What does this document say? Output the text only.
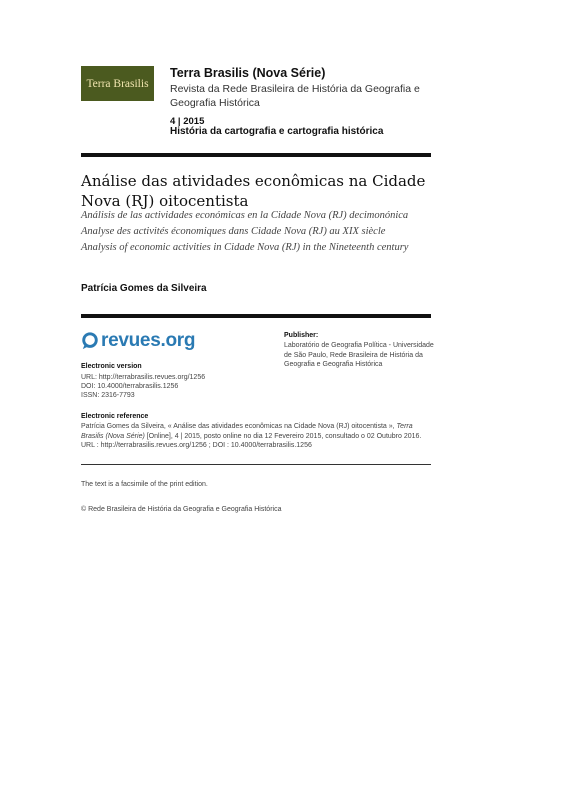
Terra Brasilis
Terra Brasilis (Nova Série)
Revista da Rede Brasileira de História da Geografia e Geografia Histórica
4 | 2015
História da cartografia e cartografia histórica
Análise das atividades econômicas na Cidade Nova (RJ) oitocentista
Análisis de las actividades económicas en la Cidade Nova (RJ) decimonónica
Analyse des activités économiques dans Cidade Nova (RJ) au XIX siècle
Analysis of economic activities in Cidade Nova (RJ) in the Nineteenth century
Patrícia Gomes da Silveira
revues.org
Electronic version
URL: http://terrabrasilis.revues.org/1256
DOI: 10.4000/terrabrasilis.1256
ISSN: 2316-7793
Publisher:
Laboratório de Geografia Política - Universidade de São Paulo, Rede Brasileira de História da Geografia e Geografia Histórica
Electronic reference
Patrícia Gomes da Silveira, « Análise das atividades econômicas na Cidade Nova (RJ) oitocentista », Terra Brasilis (Nova Série) [Online], 4 | 2015, posto online no dia 12 Fevereiro 2015, consultado o 02 Outubro 2016. URL : http://terrabrasilis.revues.org/1256 ; DOI : 10.4000/terrabrasilis.1256
The text is a facsimile of the print edition.
© Rede Brasileira de História da Geografia e Geografia Histórica
